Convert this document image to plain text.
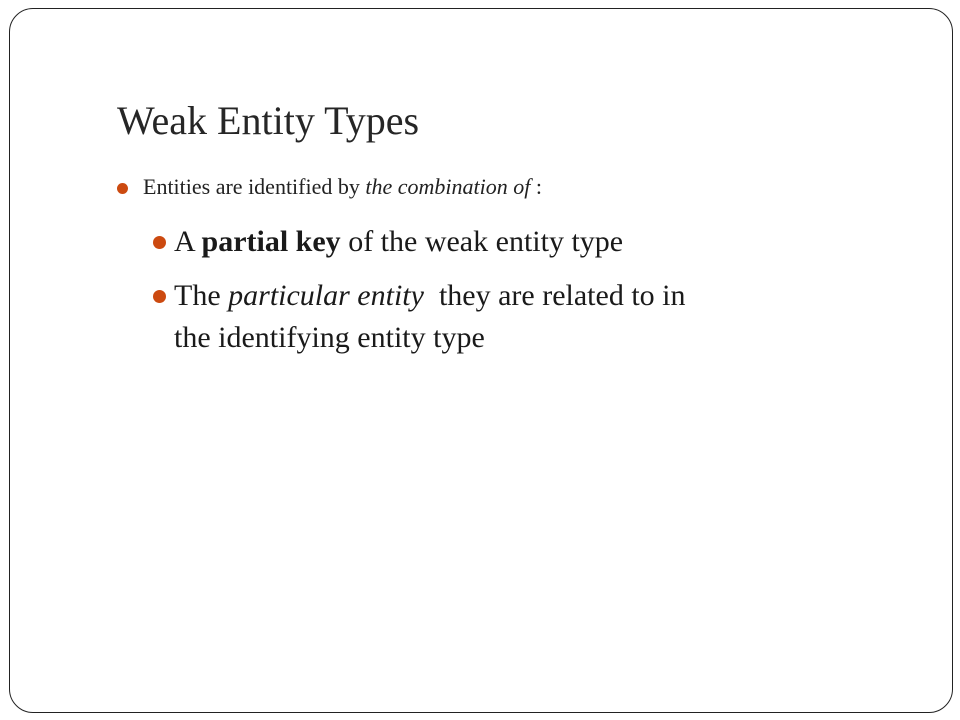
Weak Entity Types
Entities are identified by the combination of :
A partial key of the weak entity type
The particular entity  they are related to in
the identifying entity type
